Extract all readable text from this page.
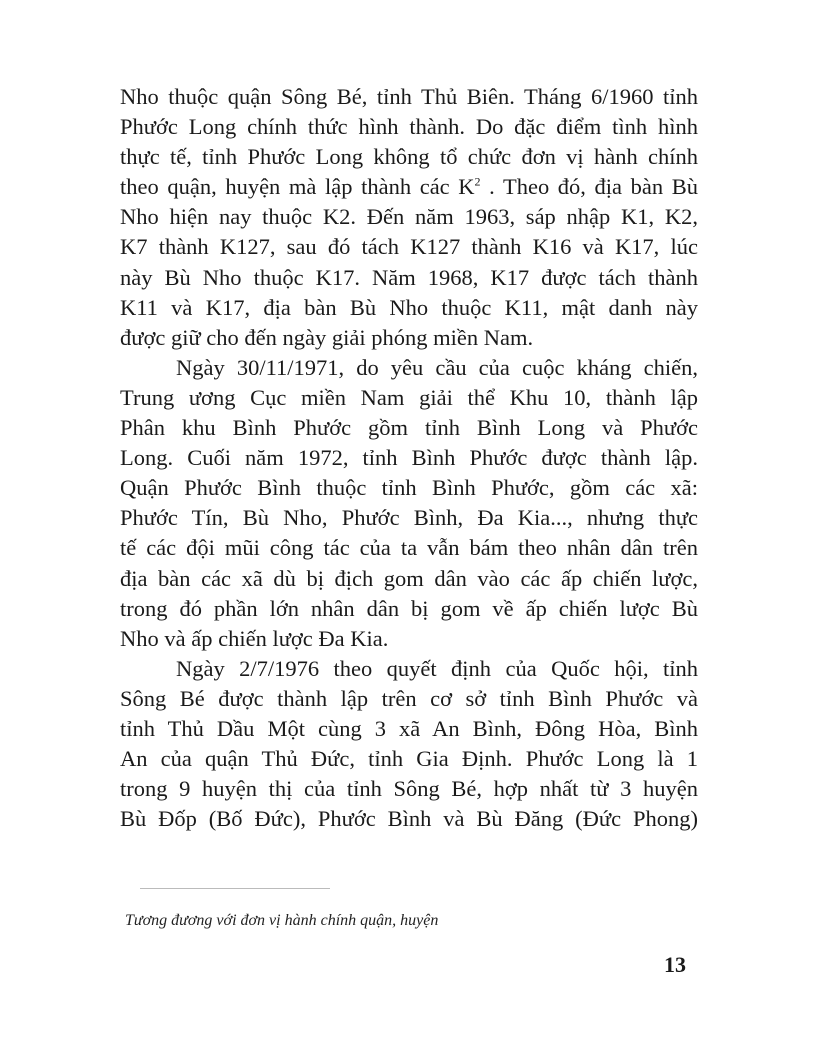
Nho thuộc quận Sông Bé, tỉnh Thủ Biên. Tháng 6/1960 tỉnh
Phước Long chính thức hình thành. Do đặc điểm tình hình
thực tế, tỉnh Phước Long không tổ chức đơn vị hành chính
theo quận, huyện mà lập thành các $K^2$ . Theo đó, địa bàn Bù
Nho hiện nay thuộc K2. Đến năm 1963, sáp nhập K1, K2,
K7 thành K127, sau đó tách K127 thành K16 và K17, lúc
này Bù Nho thuộc K17. Năm 1968, K17 được tách thành
K11 và K17, địa bàn Bù Nho thuộc K11, mật danh này
được giữ cho đến ngày giải phóng miền Nam.
Ngày 30/11/1971, do yêu cầu của cuộc kháng chiến,
Trung ương Cục miền Nam giải thể Khu 10, thành lập
Phân khu Bình Phước gồm tỉnh Bình Long và Phước
Long. Cuối năm 1972, tỉnh Bình Phước được thành lập.
Quận Phước Bình thuộc tỉnh Bình Phước, gồm các xã:
Phước Tín, Bù Nho, Phước Bình, Đa Kia..., nhưng thực
tế các đội mũi công tác của ta vẫn bám theo nhân dân trên
địa bàn các xã dù bị địch gom dân vào các ấp chiến lược,
trong đó phần lớn nhân dân bị gom về ấp chiến lược Bù
Nho và ấp chiến lược Đa Kia.
Ngày 2/7/1976 theo quyết định của Quốc hội, tỉnh
Sông Bé được thành lập trên cơ sở tỉnh Bình Phước và
tỉnh Thủ Dầu Một cùng 3 xã An Bình, Đông Hòa, Bình
An của quận Thủ Đức, tỉnh Gia Định. Phước Long là 1
trong 9 huyện thị của tỉnh Sông Bé, hợp nhất từ 3 huyện
Bù Đốp (Bố Đức), Phước Bình và Bù Đăng (Đức Phong)
Tương đương với đơn vị hành chính quận, huyện
13
